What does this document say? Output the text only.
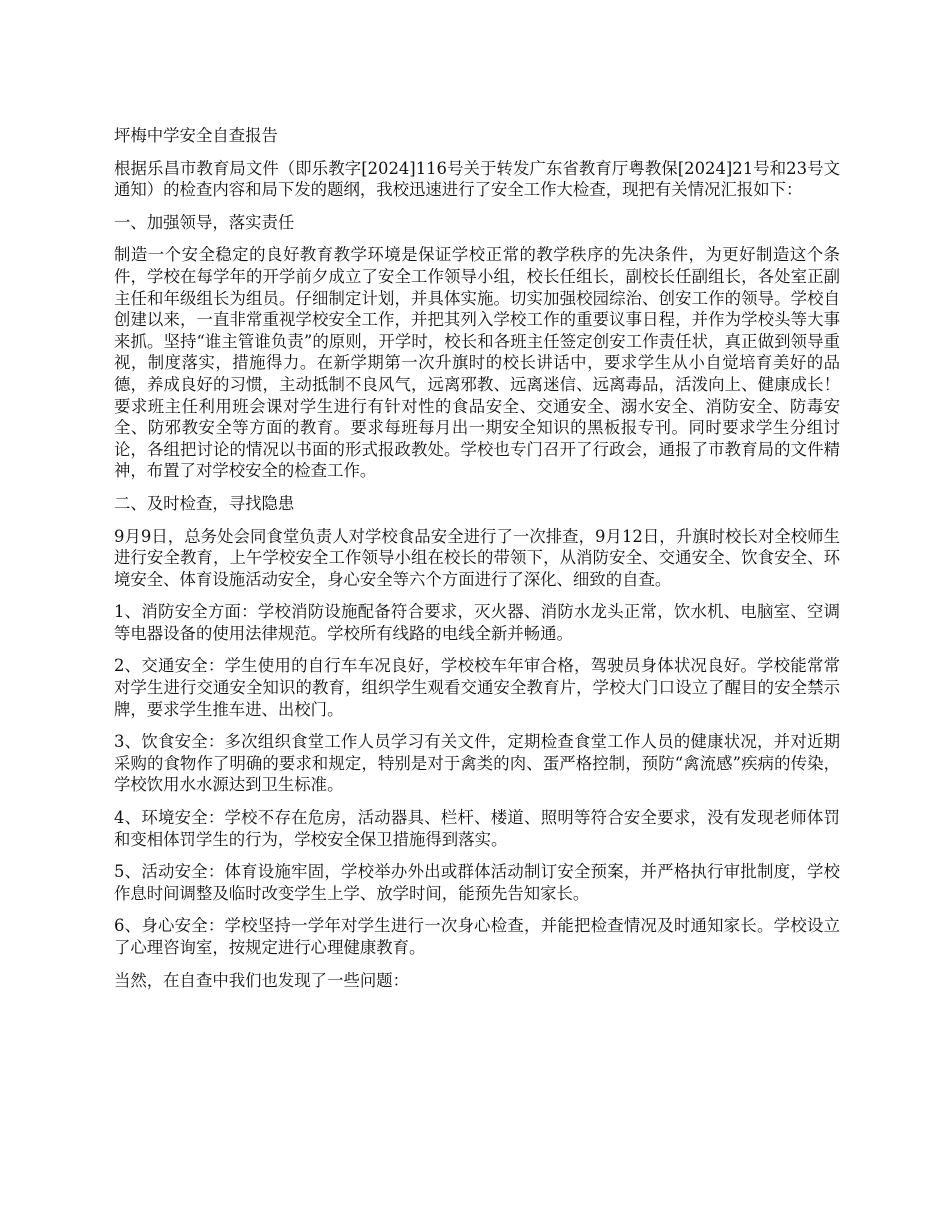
坪梅中学安全自查报告

根据乐昌市教育局文件（即乐教字[2024]116号关于转发广东省教育厅粤教保[2024]21号和23号文通知）的检查内容和局下发的题纲，我校迅速进行了安全工作大检查，现把有关情况汇报如下：

一、加强领导，落实责任

制造一个安全稳定的良好教育教学环境是保证学校正常的教学秩序的先决条件，为更好制造这个条件，学校在每学年的开学前夕成立了安全工作领导小组，校长任组长，副校长任副组长，各处室正副主任和年级组长为组员。仔细制定计划，并具体实施。切实加强校园综治、创安工作的领导。学校自创建以来，一直非常重视学校安全工作，并把其列入学校工作的重要议事日程，并作为学校头等大事来抓。坚持“谁主管谁负责”的原则，开学时，校长和各班主任签定创安工作责任状，真正做到领导重视，制度落实，措施得力。在新学期第一次升旗时的校长讲话中，要求学生从小自觉培育美好的品德，养成良好的习惯，主动抵制不良风气，远离邪教、远离迷信、远离毒品，活泼向上、健康成长！要求班主任利用班会课对学生进行有针对性的食品安全、交通安全、溺水安全、消防安全、防毒安全、防邪教安全等方面的教育。要求每班每月出一期安全知识的黑板报专刊。同时要求学生分组讨论，各组把讨论的情况以书面的形式报政教处。学校也专门召开了行政会，通报了市教育局的文件精神，布置了对学校安全的检查工作。

二、及时检查，寻找隐患

9月9日，总务处会同食堂负责人对学校食品安全进行了一次排查，9月12日，升旗时校长对全校师生进行安全教育，上午学校安全工作领导小组在校长的带领下，从消防安全、交通安全、饮食安全、环境安全、体育设施活动安全，身心安全等六个方面进行了深化、细致的自查。

1、消防安全方面：学校消防设施配备符合要求，灭火器、消防水龙头正常，饮水机、电脑室、空调等电器设备的使用法律规范。学校所有线路的电线全新并畅通。

2、交通安全：学生使用的自行车车况良好，学校校车年审合格，驾驶员身体状况良好。学校能常常对学生进行交通安全知识的教育，组织学生观看交通安全教育片，学校大门口设立了醒目的安全禁示牌，要求学生推车进、出校门。

3、饮食安全：多次组织食堂工作人员学习有关文件，定期检查食堂工作人员的健康状况，并对近期采购的食物作了明确的要求和规定，特别是对于禽类的肉、蛋严格控制，预防“禽流感”疾病的传染，学校饮用水水源达到卫生标准。

4、环境安全：学校不存在危房，活动器具、栏杆、楼道、照明等符合安全要求，没有发现老师体罚和变相体罚学生的行为，学校安全保卫措施得到落实。

5、活动安全：体育设施牢固，学校举办外出或群体活动制订安全预案，并严格执行审批制度，学校作息时间调整及临时改变学生上学、放学时间，能预先告知家长。

6、身心安全：学校坚持一学年对学生进行一次身心检查，并能把检查情况及时通知家长。学校设立了心理咨询室，按规定进行心理健康教育。

当然，在自查中我们也发现了一些问题：
